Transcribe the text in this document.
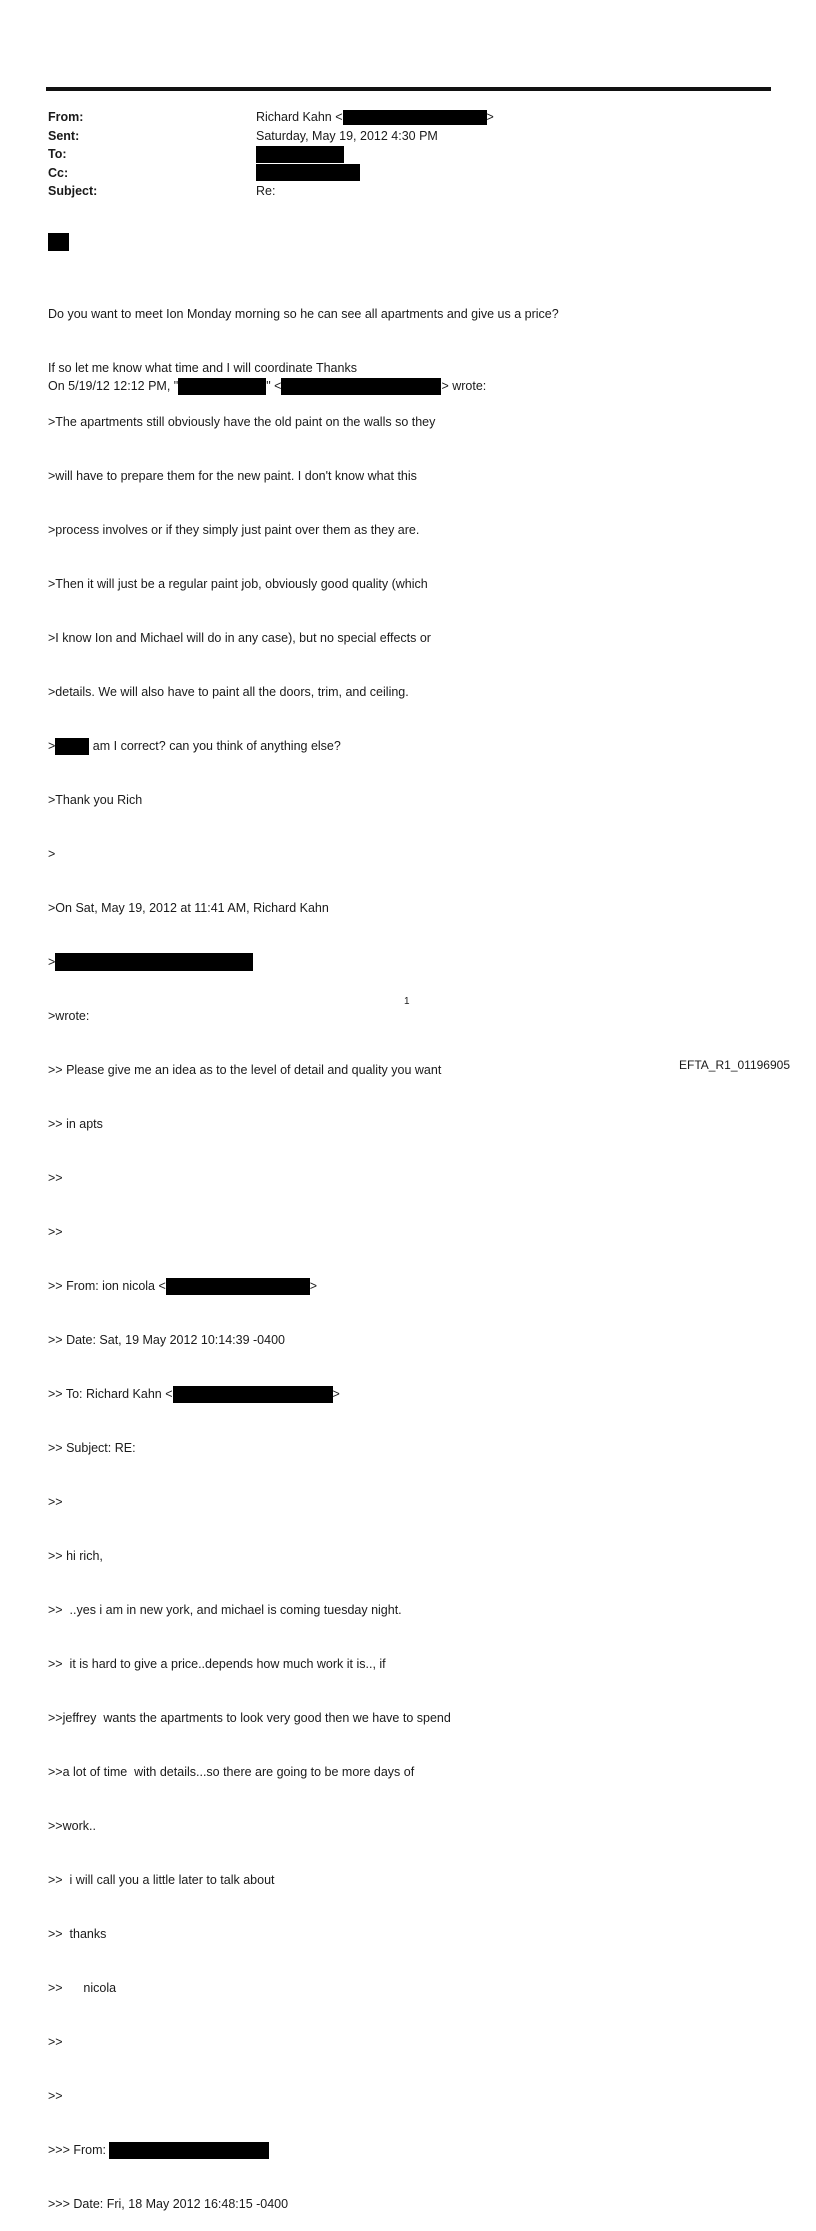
From:	Richard Kahn <	>
Sent:	Saturday, May 19, 2012 4:30 PM
To:
Cc:
Subject:	Re:

Do you want to meet Ion Monday morning so he can see all apartments and give us a price?

If so let me know what time and I will coordinate Thanks

On 5/19/12 12:12 PM, "	" <	> wrote:

>The apartments still obviously have the old paint on the walls so they

>will have to prepare them for the new paint. I don't know what this

>process involves or if they simply just paint over them as they are.

>Then it will just be a regular paint job, obviously good quality (which

>I know Ion and Michael will do in any case), but no special effects or

>details. We will also have to paint all the doors, trim, and ceiling.

>	am I correct? can you think of anything else?

>Thank you Rich

>

>On Sat, May 19, 2012 at 11:41 AM, Richard Kahn

>

>wrote:

>> Please give me an idea as to the level of detail and quality you want

>> in apts

>>

>>

>> From: ion nicola <	>

>> Date: Sat, 19 May 2012 10:14:39 -0400

>> To: Richard Kahn <	>

>> Subject: RE:

>>

>> hi rich,

>>  ..yes i am in new york, and michael is coming tuesday night.

>>  it is hard to give a price..depends how much work it is.., if

>>jeffrey  wants the apartments to look very good then we have to spend

>>a lot of time  with details...so there are going to be more days of

>>work..

>>  i will call you a little later to talk about

>>  thanks

>>      nicola

>>

>>

>>> From:

>>> Date: Fri, 18 May 2012 16:48:15 -0400

1
EFTA_R1_01196905
